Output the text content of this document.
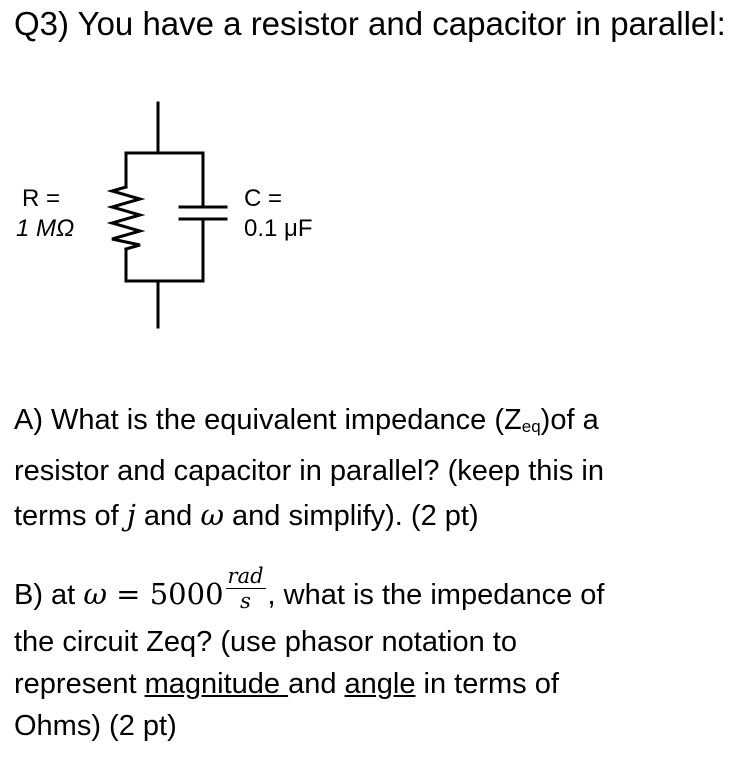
Q3) You have a resistor and capacitor in parallel:
R =
1 MΩ
C =
0.1 μF
A) What is the equivalent impedance $(Z_{eq})of$ a
resistor and capacitor in parallel? (keep this in
terms of j and ω and simplify). (2 pt)
B) at $\omega = 5000 \frac{\text{rad}}{s}$ , what is the impedance of
the circuit Zeq? (use phasor notation to
represent magnitude and angle in terms of
Ohms) (2 pt)
